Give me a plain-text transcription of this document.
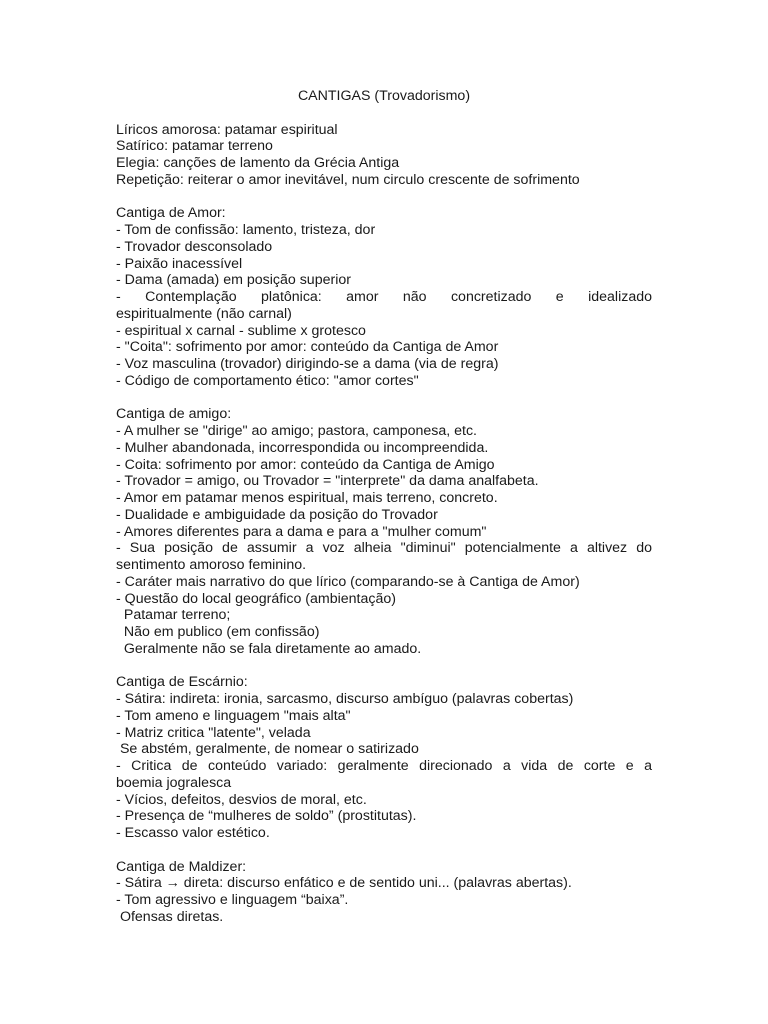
CANTIGAS (Trovadorismo)
Líricos amorosa: patamar espiritual
Satírico: patamar terreno
Elegia: canções de lamento da Grécia Antiga
Repetição: reiterar o amor inevitável, num circulo crescente de sofrimento
Cantiga de Amor:
- Tom de confissão: lamento, tristeza, dor
- Trovador desconsolado
- Paixão inacessível
- Dama (amada) em posição superior
- Contemplação platônica: amor não concretizado e idealizado
espiritualmente (não carnal)
- espiritual x carnal - sublime x grotesco
- "Coita": sofrimento por amor: conteúdo da Cantiga de Amor
- Voz masculina (trovador) dirigindo-se a dama (via de regra)
- Código de comportamento ético: "amor cortes"
Cantiga de amigo:
- A mulher se "dirige" ao amigo; pastora, camponesa, etc.
- Mulher abandonada, incorrespondida ou incompreendida.
- Coita: sofrimento por amor: conteúdo da Cantiga de Amigo
- Trovador = amigo, ou Trovador = "interprete" da dama analfabeta.
- Amor em patamar menos espiritual, mais terreno, concreto.
- Dualidade e ambiguidade da posição do Trovador
- Amores diferentes para a dama e para a "mulher comum"
- Sua posição de assumir a voz alheia "diminui" potencialmente a altivez do
sentimento amoroso feminino.
- Caráter mais narrativo do que lírico (comparando-se à Cantiga de Amor)
- Questão do local geográfico (ambientação)
Patamar terreno;
Não em publico (em confissão)
Geralmente não se fala diretamente ao amado.
Cantiga de Escárnio:
- Sátira: indireta: ironia, sarcasmo, discurso ambíguo (palavras cobertas)
- Tom ameno e linguagem "mais alta"
- Matriz critica "latente", velada
Se abstém, geralmente, de nomear o satirizado
- Critica de conteúdo variado: geralmente direcionado a vida de corte e a
boemia jogralesca
- Vícios, defeitos, desvios de moral, etc.
- Presença de “mulheres de soldo” (prostitutas).
- Escasso valor estético.
Cantiga de Maldizer:
- Sátira → direta: discurso enfático e de sentido uni... (palavras abertas).
- Tom agressivo e linguagem “baixa”.
Ofensas diretas.
